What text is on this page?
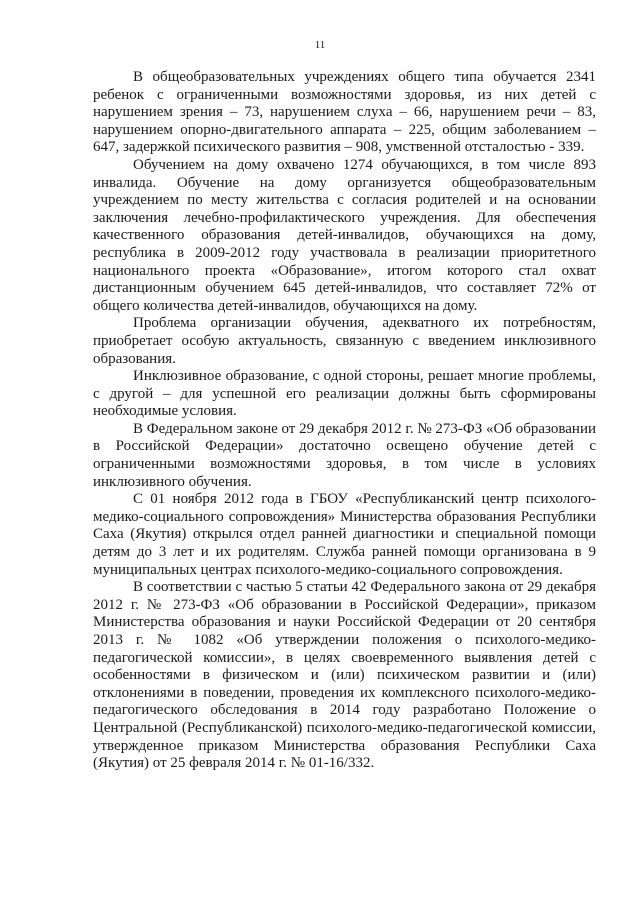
11

В общеобразовательных учреждениях общего типа обучается 2341 ребенок с ограниченными возможностями здоровья, из них детей с нарушением зрения – 73, нарушением слуха – 66, нарушением речи – 83, нарушением опорно-двигательного аппарата – 225, общим заболеванием – 647, задержкой психического развития – 908, умственной отсталостью - 339.

Обучением на дому охвачено 1274 обучающихся, в том числе 893 инвалида. Обучение на дому организуется общеобразовательным учреждением по месту жительства с согласия родителей и на основании заключения лечебно-профилактического учреждения. Для обеспечения качественного образования детей-инвалидов, обучающихся на дому, республика в 2009-2012 году участвовала в реализации приоритетного национального проекта «Образование», итогом которого стал охват дистанционным обучением 645 детей-инвалидов, что составляет 72% от общего количества детей-инвалидов, обучающихся на дому.

Проблема организации обучения, адекватного их потребностям, приобретает особую актуальность, связанную с введением инклюзивного образования.

Инклюзивное образование, с одной стороны, решает многие проблемы, с другой – для успешной его реализации должны быть сформированы необходимые условия.

В Федеральном законе от 29 декабря 2012 г. № 273-ФЗ «Об образовании в Российской Федерации» достаточно освещено обучение детей с ограниченными возможностями здоровья, в том числе в условиях инклюзивного обучения.

С 01 ноября 2012 года в ГБОУ «Республиканский центр психолого-медико-социального сопровождения» Министерства образования Республики Саха (Якутия) открылся отдел ранней диагностики и специальной помощи детям до 3 лет и их родителям. Служба ранней помощи организована в 9 муниципальных центрах психолого-медико-социального сопровождения.

В соответствии с частью 5 статьи 42 Федерального закона от 29 декабря 2012 г. № 273-ФЗ «Об образовании в Российской Федерации», приказом Министерства образования и науки Российской Федерации от 20 сентября 2013 г. № 1082 «Об утверждении положения о психолого-медико-педагогической комиссии», в целях своевременного выявления детей с особенностями в физическом и (или) психическом развитии и (или) отклонениями в поведении, проведения их комплексного психолого-медико-педагогического обследования в 2014 году разработано Положение о Центральной (Республиканской) психолого-медико-педагогической комиссии, утвержденное приказом Министерства образования Республики Саха (Якутия) от 25 февраля 2014 г. № 01-16/332.
